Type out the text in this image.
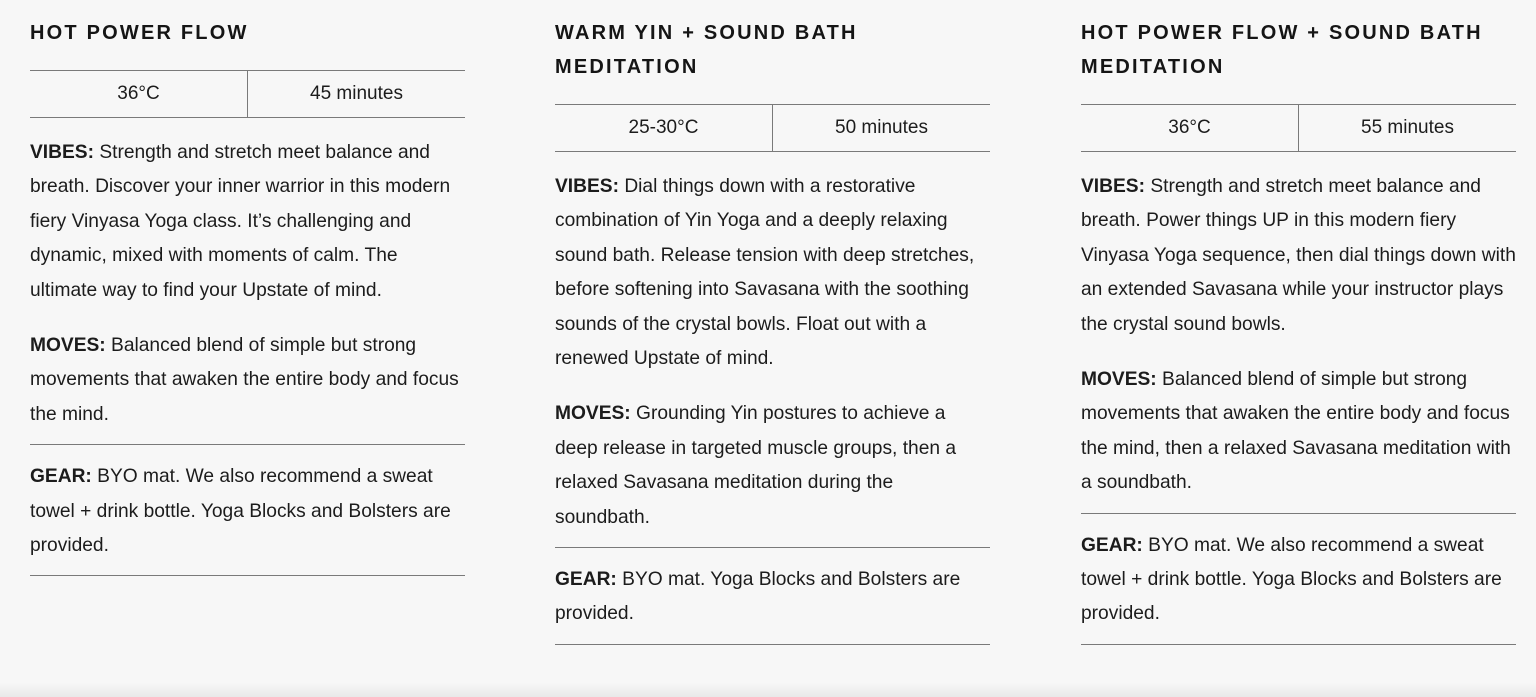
HOT POWER FLOW
36°C	45 minutes

VIBES: Strength and stretch meet balance and breath. Discover your inner warrior in this modern fiery Vinyasa Yoga class. It’s challenging and dynamic, mixed with moments of calm. The ultimate way to find your Upstate of mind.

MOVES: Balanced blend of simple but strong movements that awaken the entire body and focus the mind.

GEAR: BYO mat. We also recommend a sweat towel + drink bottle. Yoga Blocks and Bolsters are provided.

WARM YIN + SOUND BATH MEDITATION
25-30°C	50 minutes

VIBES: Dial things down with a restorative combination of Yin Yoga and a deeply relaxing sound bath. Release tension with deep stretches, before softening into Savasana with the soothing sounds of the crystal bowls. Float out with a renewed Upstate of mind.

MOVES: Grounding Yin postures to achieve a deep release in targeted muscle groups, then a relaxed Savasana meditation during the soundbath.

GEAR: BYO mat. Yoga Blocks and Bolsters are provided.

HOT POWER FLOW + SOUND BATH MEDITATION
36°C	55 minutes

VIBES: Strength and stretch meet balance and breath. Power things UP in this modern fiery Vinyasa Yoga sequence, then dial things down with an extended Savasana while your instructor plays the crystal sound bowls.

MOVES: Balanced blend of simple but strong movements that awaken the entire body and focus the mind, then a relaxed Savasana meditation with a soundbath.

GEAR: BYO mat. We also recommend a sweat towel + drink bottle. Yoga Blocks and Bolsters are provided.
